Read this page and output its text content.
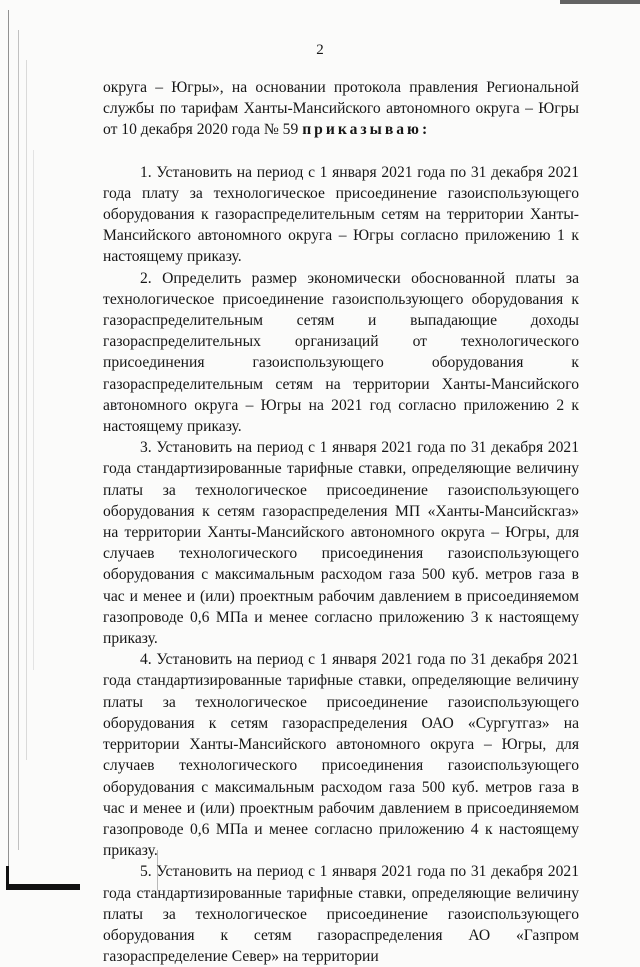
2

округа – Югры», на основании протокола правления Региональной службы по тарифам Ханты-Мансийского автономного округа – Югры от 10 декабря 2020 года № 59 приказываю:

1. Установить на период с 1 января 2021 года по 31 декабря 2021 года плату за технологическое присоединение газоиспользующего оборудования к газораспределительным сетям на территории Ханты-Мансийского автономного округа – Югры согласно приложению 1 к настоящему приказу.

2. Определить размер экономически обоснованной платы за технологическое присоединение газоиспользующего оборудования к газораспределительным сетям и выпадающие доходы газораспределительных организаций от технологического присоединения газоиспользующего оборудования к газораспределительным сетям на территории Ханты-Мансийского автономного округа – Югры на 2021 год согласно приложению 2 к настоящему приказу.

3. Установить на период с 1 января 2021 года по 31 декабря 2021 года стандартизированные тарифные ставки, определяющие величину платы за технологическое присоединение газоиспользующего оборудования к сетям газораспределения МП «Ханты-Мансийскгаз» на территории Ханты-Мансийского автономного округа – Югры, для случаев технологического присоединения газоиспользующего оборудования с максимальным расходом газа 500 куб. метров газа в час и менее и (или) проектным рабочим давлением в присоединяемом газопроводе 0,6 МПа и менее согласно приложению 3 к настоящему приказу.

4. Установить на период с 1 января 2021 года по 31 декабря 2021 года стандартизированные тарифные ставки, определяющие величину платы за технологическое присоединение газоиспользующего оборудования к сетям газораспределения ОАО «Сургутгаз» на территории Ханты-Мансийского автономного округа – Югры, для случаев технологического присоединения газоиспользующего оборудования с максимальным расходом газа 500 куб. метров газа в час и менее и (или) проектным рабочим давлением в присоединяемом газопроводе 0,6 МПа и менее согласно приложению 4 к настоящему приказу.

5. Установить на период с 1 января 2021 года по 31 декабря 2021 года стандартизированные тарифные ставки, определяющие величину платы за технологическое присоединение газоиспользующего оборудования к сетям газораспределения АО «Газпром газораспределение Север» на территории
